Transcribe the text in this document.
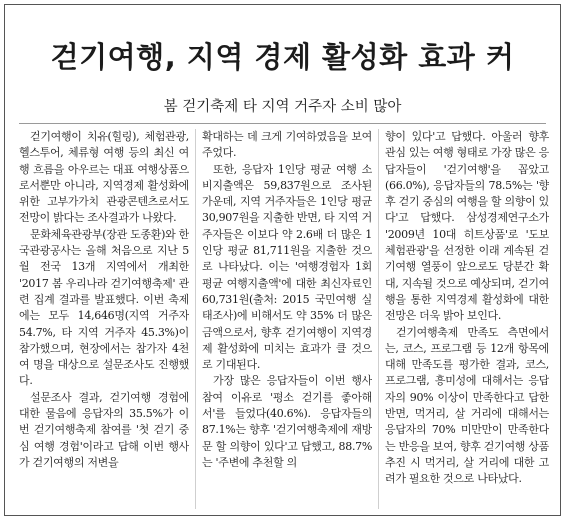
걷기여행, 지역 경제 활성화 효과 커
봄 걷기축제 타 지역 거주자 소비 많아

걷기여행이 치유(힐링), 체험관광, 헬스투어, 체류형 여행 등의 최신 여행 흐름을 아우르는 대표 여행상품으로서뿐만 아니라, 지역경제 활성화에 위한 고부가가치 관광콘텐츠로서도 전망이 밝다는 조사결과가 나왔다.

문화체육관광부(장관 도종환)와 한국관광공사는 올해 처음으로 지난 5월 전국 13개 지역에서 개최한 '2017 봄 우리나라 걷기여행축제' 관련 집계 결과를 발표했다. 이번 축제에는 모두 14,646명(지역 거주자 54.7%, 타 지역 거주자 45.3%)이 참가했으며, 현장에서는 참가자 4천여 명을 대상으로 설문조사도 진행했다.

설문조사 결과, 걷기여행 경험에 대한 물음에 응답자의 35.5%가 이번 걷기여행축제 참여를 '첫 걷기 중심 여행 경험'이라고 답해 이번 행사가 걷기여행의 저변을

확대하는 데 크게 기여하였음을 보여주었다.

또한, 응답자 1인당 평균 여행 소비지출액은 59,837원으로 조사된 가운데, 지역 거주자들은 1인당 평균 30,907원을 지출한 반면, 타 지역 거주자들은 이보다 약 2.6배 더 많은 1인당 평균 81,711원을 지출한 것으로 나타났다. 이는 '여행경험자 1회 평균 여행지출액'에 대한 최신자료인 60,731원(출처: 2015 국민여행 실태조사)에 비해서도 약 35% 더 많은 금액으로서, 향후 걷기여행이 지역경제 활성화에 미치는 효과가 클 것으로 기대된다.

가장 많은 응답자들이 이번 행사 참여 이유로 '평소 걷기를 좋아해서'를 들었다(40.6%). 응답자들의 87.1%는 향후 '걷기여행축제에 재방문 할 의향이 있다'고 답했고, 88.7%는 '주변에 추천할 의

향이 있다'고 답했다. 아울러 향후 관심 있는 여행 형태로 가장 많은 응답자들이 '걷기여행'을 꼽았고 (66.0%), 응답자들의 78.5%는 '향후 걷기 중심의 여행을 할 의향이 있다'고 답했다. 삼성경제연구소가 '2009년 10대 히트상품'로 '도보 체험관광'을 선정한 이래 계속된 걷기여행 열풍이 앞으로도 당분간 확대, 지속될 것으로 예상되며, 걷기여행을 통한 지역경제 활성화에 대한 전망은 더욱 밝아 보인다.

걷기여행축제 만족도 측면에서는, 코스, 프로그램 등 12개 항목에 대해 만족도를 평가한 결과, 코스, 프로그램, 흥미성에 대해서는 응답자의 90% 이상이 만족한다고 답한 반면, 먹거리, 살 거리에 대해서는 응답자의 70% 미만만이 만족한다는 반응을 보여, 향후 걷기여행 상품 추진 시 먹거리, 살 거리에 대한 고려가 필요한 것으로 나타났다.
